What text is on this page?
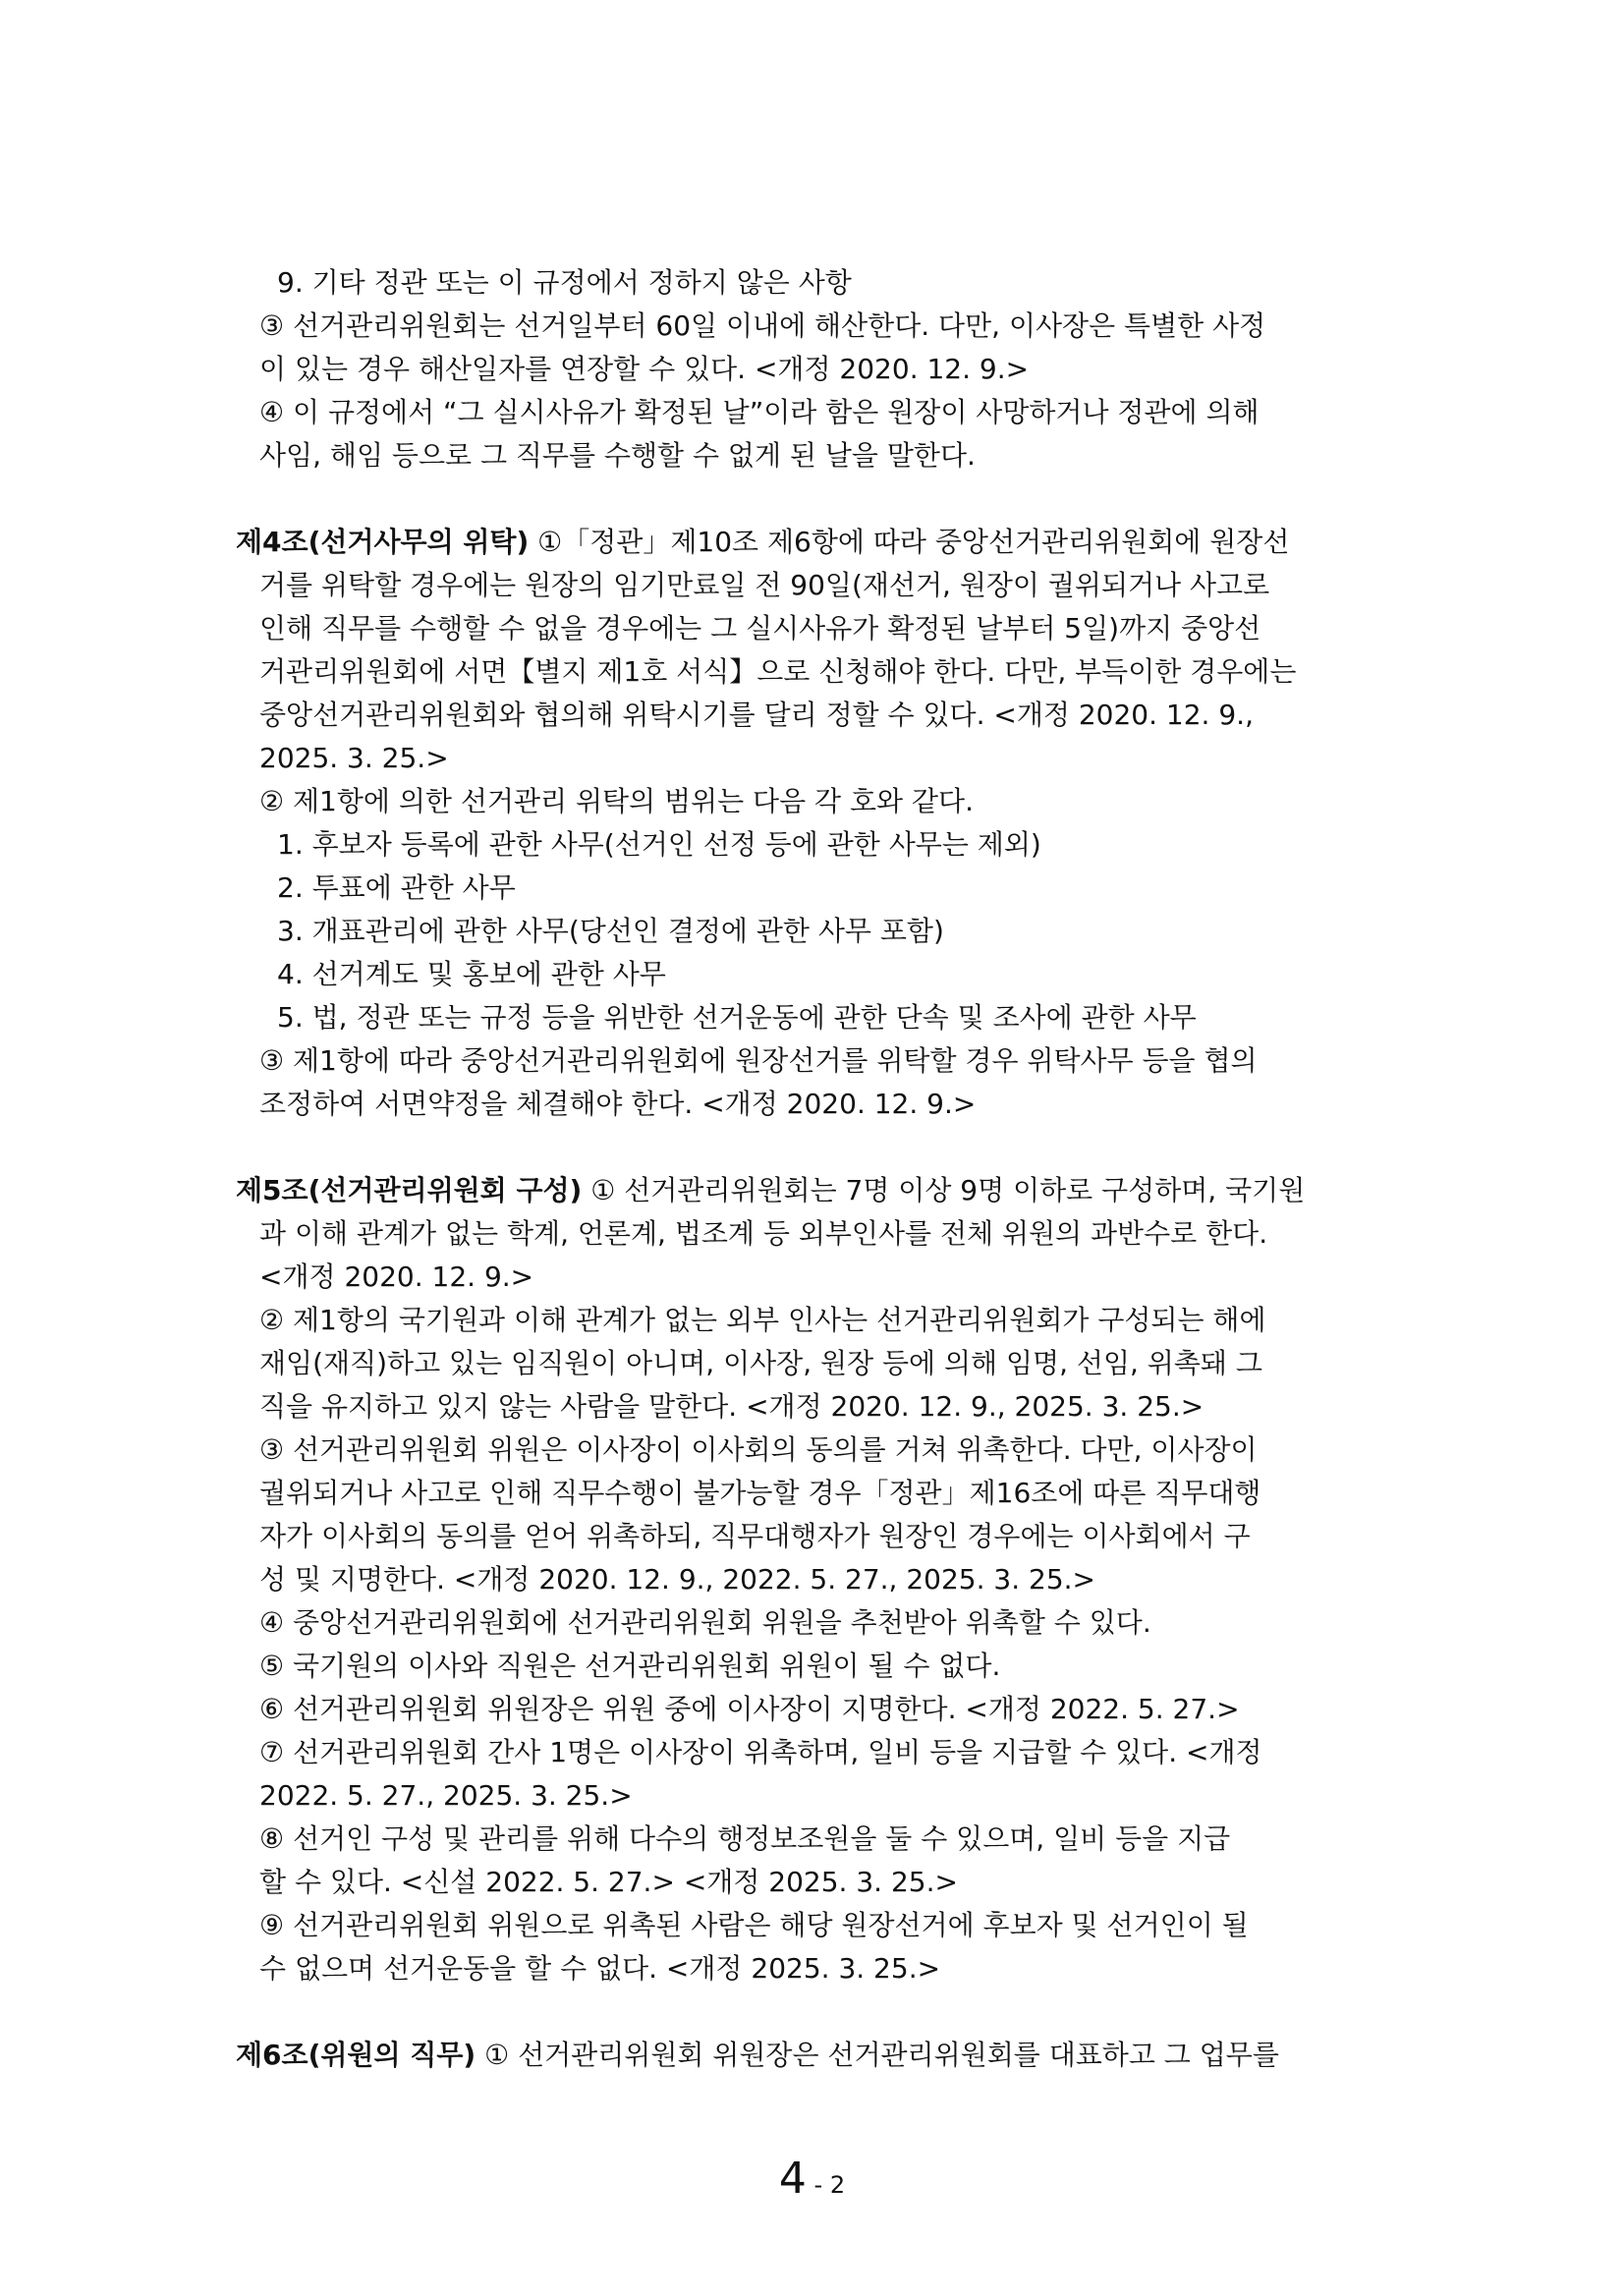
9. 기타 정관 또는 이 규정에서 정하지 않은 사항
③ 선거관리위원회는 선거일부터 60일 이내에 해산한다. 다만, 이사장은 특별한 사정
이 있는 경우 해산일자를 연장할 수 있다. <개정 2020. 12. 9.>
④ 이 규정에서 “그 실시사유가 확정된 날”이라 함은 원장이 사망하거나 정관에 의해
사임, 해임 등으로 그 직무를 수행할 수 없게 된 날을 말한다.
제4조(선거사무의 위탁) ①「정관」제10조 제6항에 따라 중앙선거관리위원회에 원장선
거를 위탁할 경우에는 원장의 임기만료일 전 90일(재선거, 원장이 궐위되거나 사고로
인해 직무를 수행할 수 없을 경우에는 그 실시사유가 확정된 날부터 5일)까지 중앙선
거관리위원회에 서면【별지 제1호 서식】으로 신청해야 한다. 다만, 부득이한 경우에는
중앙선거관리위원회와 협의해 위탁시기를 달리 정할 수 있다. <개정 2020. 12. 9.,
2025. 3. 25.>
② 제1항에 의한 선거관리 위탁의 범위는 다음 각 호와 같다.
1. 후보자 등록에 관한 사무(선거인 선정 등에 관한 사무는 제외)
2. 투표에 관한 사무
3. 개표관리에 관한 사무(당선인 결정에 관한 사무 포함)
4. 선거계도 및 홍보에 관한 사무
5. 법, 정관 또는 규정 등을 위반한 선거운동에 관한 단속 및 조사에 관한 사무
③ 제1항에 따라 중앙선거관리위원회에 원장선거를 위탁할 경우 위탁사무 등을 협의
조정하여 서면약정을 체결해야 한다. <개정 2020. 12. 9.>
제5조(선거관리위원회 구성) ① 선거관리위원회는 7명 이상 9명 이하로 구성하며, 국기원
과 이해 관계가 없는 학계, 언론계, 법조계 등 외부인사를 전체 위원의 과반수로 한다.
<개정 2020. 12. 9.>
② 제1항의 국기원과 이해 관계가 없는 외부 인사는 선거관리위원회가 구성되는 해에
재임(재직)하고 있는 임직원이 아니며, 이사장, 원장 등에 의해 임명, 선임, 위촉돼 그
직을 유지하고 있지 않는 사람을 말한다. <개정 2020. 12. 9., 2025. 3. 25.>
③ 선거관리위원회 위원은 이사장이 이사회의 동의를 거쳐 위촉한다. 다만, 이사장이
궐위되거나 사고로 인해 직무수행이 불가능할 경우「정관」제16조에 따른 직무대행
자가 이사회의 동의를 얻어 위촉하되, 직무대행자가 원장인 경우에는 이사회에서 구
성 및 지명한다. <개정 2020. 12. 9., 2022. 5. 27., 2025. 3. 25.>
④ 중앙선거관리위원회에 선거관리위원회 위원을 추천받아 위촉할 수 있다.
⑤ 국기원의 이사와 직원은 선거관리위원회 위원이 될 수 없다.
⑥ 선거관리위원회 위원장은 위원 중에 이사장이 지명한다. <개정 2022. 5. 27.>
⑦ 선거관리위원회 간사 1명은 이사장이 위촉하며, 일비 등을 지급할 수 있다. <개정
2022. 5. 27., 2025. 3. 25.>
⑧ 선거인 구성 및 관리를 위해 다수의 행정보조원을 둘 수 있으며, 일비 등을 지급
할 수 있다. <신설 2022. 5. 27.> <개정 2025. 3. 25.>
⑨ 선거관리위원회 위원으로 위촉된 사람은 해당 원장선거에 후보자 및 선거인이 될
수 없으며 선거운동을 할 수 없다. <개정 2025. 3. 25.>
제6조(위원의 직무) ① 선거관리위원회 위원장은 선거관리위원회를 대표하고 그 업무를
4 - 2
